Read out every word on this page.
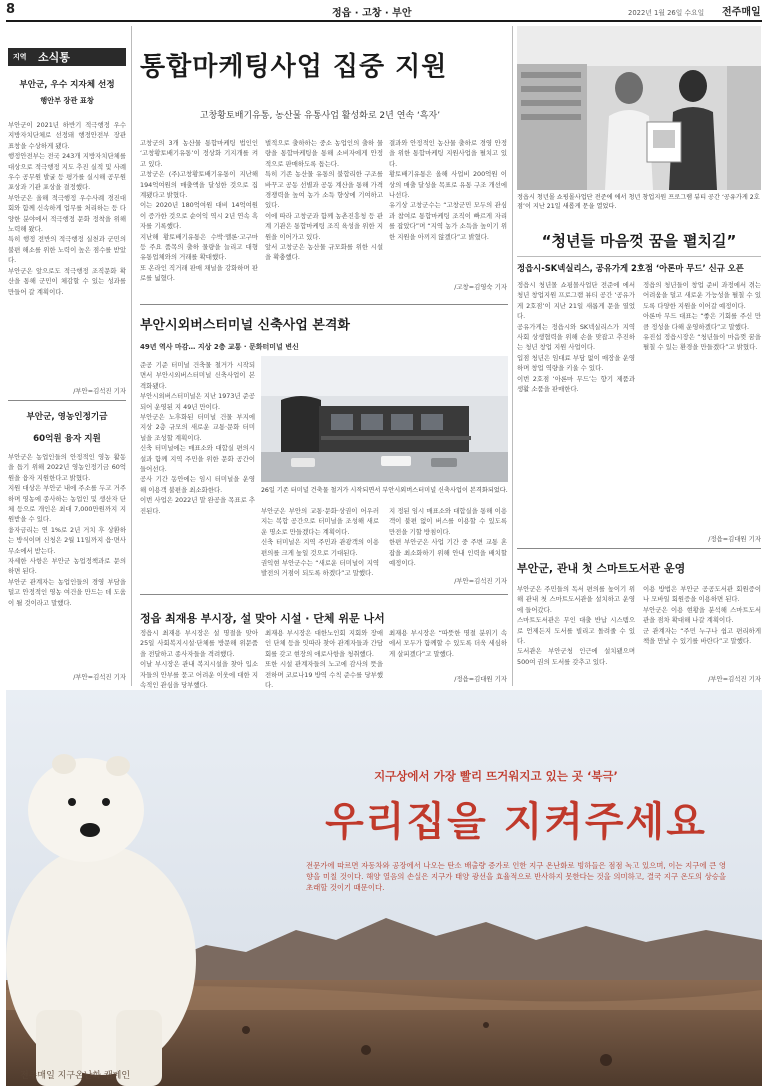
8	정읍 · 고창 · 부안	2022년 1월 26일 수요일 전주매일
지역 소식통
부안군, 우수 지자체 선정
행안부 장관 표창
부안군이 2021년 하반기 적극행정 우수 지방자치단체로 선정돼 행정안전부 장관 표창을 수상하게 됐다.
행정안전부는 전국 243개 지방자치단체를 대상으로 적극행정 지도 추진 실적 및 사례 우수 공무원 발굴 등 평가를 실시해 공무원 포상과 기관 포상을 결정했다.
부안군은 올해 적극행정 우수사례 경진대회와 함께 신속하게 업무를 처리하는 등 다양한 분야에서 적극행정 문화 정착을 위해 노력해 왔다.
특히 행정 전반의 적극행정 실천과 군민의 불편 해소를 위한 노력이 높은 점수를 받았다.
부안군은 앞으로도 적극행정 조직문화 확산을 통해 군민이 체감할 수 있는 성과를 만들어 갈 계획이다.
/부안=김석진 기자
부안군, 영농인정기금
60억원 융자 지원
부안군은 농업인들의 안정적인 영농 활동을 돕기 위해 2022년 영농인정기금 60억원을 융자 지원한다고 밝혔다.
지원 대상은 부안군 내에 주소를 두고 거주하며 영농에 종사하는 농업인 및 생산자 단체 등으로 개인은 최대 7,000만원까지 지원받을 수 있다.
융자금리는 연 1%로 2년 거치 후 상환하는 방식이며 신청은 2월 11일까지 읍·면사무소에서 받는다.
자세한 사항은 부안군 농업정책과로 문의하면 된다.
부안군 관계자는 농업인들의 경영 부담을 덜고 안정적인 영농 여건을 만드는 데 도움이 될 것이라고 말했다.
/부안=김석진 기자
통합마케팅사업 집중 지원
고창황토배기유통, 농산물 유통사업 활성화로 2년 연속 ‘흑자’
고창군의 3개 농산물 통합마케팅 법인인 ‘고창황토배기유통’이 정상화 기지개를 켜고 있다.
고창군은 (주)고창황토배기유통이 지난해 194억여원의 매출액을 달성한 것으로 집계됐다고 밝혔다.
이는 2020년 180억여원 대비 14억여원이 증가한 것으로 순이익 역시 2년 연속 흑자를 기록했다.
지난해 황토배기유통은 수박·멜론·고구마 등 주요 품목의 출하 물량을 늘리고 대형 유통업체와의 거래를 확대했다.
또 온라인 직거래 판매 채널을 강화하며 판로를 넓혔다.
벌적으로 출하하는 중소 농업인의 출하 물량을 통합마케팅을 통해 소비자에게 안정적으로 판매하도록 돕는다.
특히 기존 농산물 유통의 불합리한 구조를 바꾸고 공동 선별과 공동 계산을 통해 가격 경쟁력을 높여 농가 소득 향상에 기여하고 있다.
이에 따라 고창군과 함께 농촌진흥청 등 관계 기관은 통합마케팅 조직 육성을 위한 지원을 이어가고 있다.
앞서 고창군은 농산물 규모화를 위한 시설을 확충했다.
결과와 안정적인 농산물 출하로 경영 안정을 위한 통합마케팅 지원사업을 펼치고 있다.
황토배기유통은 올해 사업비 200억원 이상의 매출 달성을 목표로 유통 구조 개선에 나선다.
유기상 고창군수는 “고창군민 모두의 관심과 참여로 통합마케팅 조직이 빠르게 자리를 잡았다”며 “지역 농가 소득을 높이기 위한 지원을 아끼지 않겠다”고 밝혔다.
/고창=김영숙 기자
부안시외버스터미널 신축사업 본격화
49년 역사 마감… 지상 2층 교통 · 문화터미널 변신
준공 기준 터미널 건축물 철거가 시작되면서 부안시외버스터미널 신축사업이 본격화됐다.
부안시외버스터미널은 지난 1973년 준공되어 운영된 지 49년 만이다.
부안군은 노후화된 터미널 건물 부지에 지상 2층 규모의 새로운 교통·문화 터미널을 조성할 계획이다.
신축 터미널에는 매표소와 대합실 편의시설과 함께 지역 주민을 위한 문화 공간이 들어선다.
공사 기간 동안에는 임시 터미널을 운영해 이용객 불편을 최소화한다.
이번 사업은 2022년 말 완공을 목표로 추진된다.
26일 기존 터미널 건축물 철거가 시작되면서 부안시외버스터미널 신축사업이 본격화되었다.
부안군은 부안의 교통·문화·상권이 어우러지는 복합 공간으로 터미널을 조성해 새로운 명소로 만들겠다는 계획이다.
신축 터미널은 지역 주민과 관광객의 이용 편의를 크게 높일 것으로 기대된다.
권익현 부안군수는 “새로운 터미널이 지역 발전의 거점이 되도록 하겠다”고 말했다.
지 정된 임시 매표소와 대합실을 통해 이용객이 불편 없이 버스를 이용할 수 있도록 만전을 기할 방침이다.
한편 부안군은 사업 기간 중 주변 교통 혼잡을 최소화하기 위해 안내 인력을 배치할 예정이다.
/부안=김석진 기자
정읍 최재용 부시장, 설 맞아 시설 · 단체 위문 나서
정읍시 최재용 부시장은 설 명절을 맞아 25일 사회복지시설·단체를 방문해 위문품을 전달하고 종사자들을 격려했다.
이날 부시장은 관내 복지시설을 찾아 입소자들의 안부를 묻고 어려운 이웃에 대한 지속적인 관심을 당부했다.
최재용 부시장은 대한노인회 지회와 장애인 단체 등을 잇따라 찾아 관계자들과 간담회를 갖고 현장의 애로사항을 청취했다.
또한 시설 관계자들의 노고에 감사의 뜻을 전하며 코로나19 방역 수칙 준수를 당부했다.
최재용 부시장은 “따뜻한 명절 분위기 속에서 모두가 함께할 수 있도록 더욱 세심하게 살피겠다”고 말했다.
/정읍=김대원 기자
정읍시 청년몰 쇼핑몰사업단 전준에 에서 청년 창업지원 프로그램 뷰티 공간 ‘공유가게 2호점’이 지난 21일 새롭게 문을 열었다.
“청년들 마음껏 꿈을 펼치길”
정읍시-SK넥실리스, 공유가게 2호점 ‘아론마 무드’ 신규 오픈
정읍시 청년몰 쇼핑몰사업단 전준에 에서 청년 창업지원 프로그램 뷰티 공간 ‘공유가게 2호점’이 지난 21일 새롭게 문을 열었다.
공유가게는 정읍시와 SK넥실리스가 지역사회 상생협력을 위해 손을 맞잡고 추진하는 청년 창업 지원 사업이다.
입점 청년은 임대료 부담 없이 매장을 운영하며 창업 역량을 키울 수 있다.
이번 2호점 ‘아론마 무드’는 향기 제품과 생활 소품을 판매한다.
정읍의 청년들이 창업 준비 과정에서 겪는 어려움을 덜고 새로운 가능성을 펼칠 수 있도록 다양한 지원을 이어갈 예정이다.
아론마 무드 대표는 “좋은 기회를 주신 만큼 정성을 다해 운영하겠다”고 말했다.
유진섭 정읍시장은 “청년들이 마음껏 꿈을 펼칠 수 있는 환경을 만들겠다”고 밝혔다.
/정읍=김대원 기자
부안군, 관내 첫 스마트도서관 운영
부안군은 주민들의 독서 편의를 높이기 위해 관내 첫 스마트도서관을 설치하고 운영에 들어갔다.
스마트도서관은 무인 대출 반납 시스템으로 언제든지 도서를 빌리고 돌려줄 수 있다.
도서관은 부안군청 인근에 설치됐으며 500여 권의 도서를 갖추고 있다.
이용 방법은 부안군 공공도서관 회원증이나 모바일 회원증을 이용하면 된다.
부안군은 이용 현황을 분석해 스마트도서관을 점차 확대해 나갈 계획이다.
군 관계자는 “주민 누구나 쉽고 편리하게 책을 만날 수 있기를 바란다”고 말했다.
/부안=김석진 기자
지구상에서 가장 빨리 뜨거워지고 있는 곳 ‘북극’
우리집을 지켜주세요
전문가에 따르면 자동차와 공장에서 나오는 탄소 배출량 증가로 인한 지구 온난화로 빙하들은 점점 녹고 있으며, 이는 지구에 큰 영향을 미칠 것이다. 해양 열음의 손실은 지구가 태양 광선을 효율적으로 반사하지 못한다는 것을 의미하고, 결국 지구 온도의 상승을 초래할 것이기 때문이다.
전주매일 지구온난화 캠페인
